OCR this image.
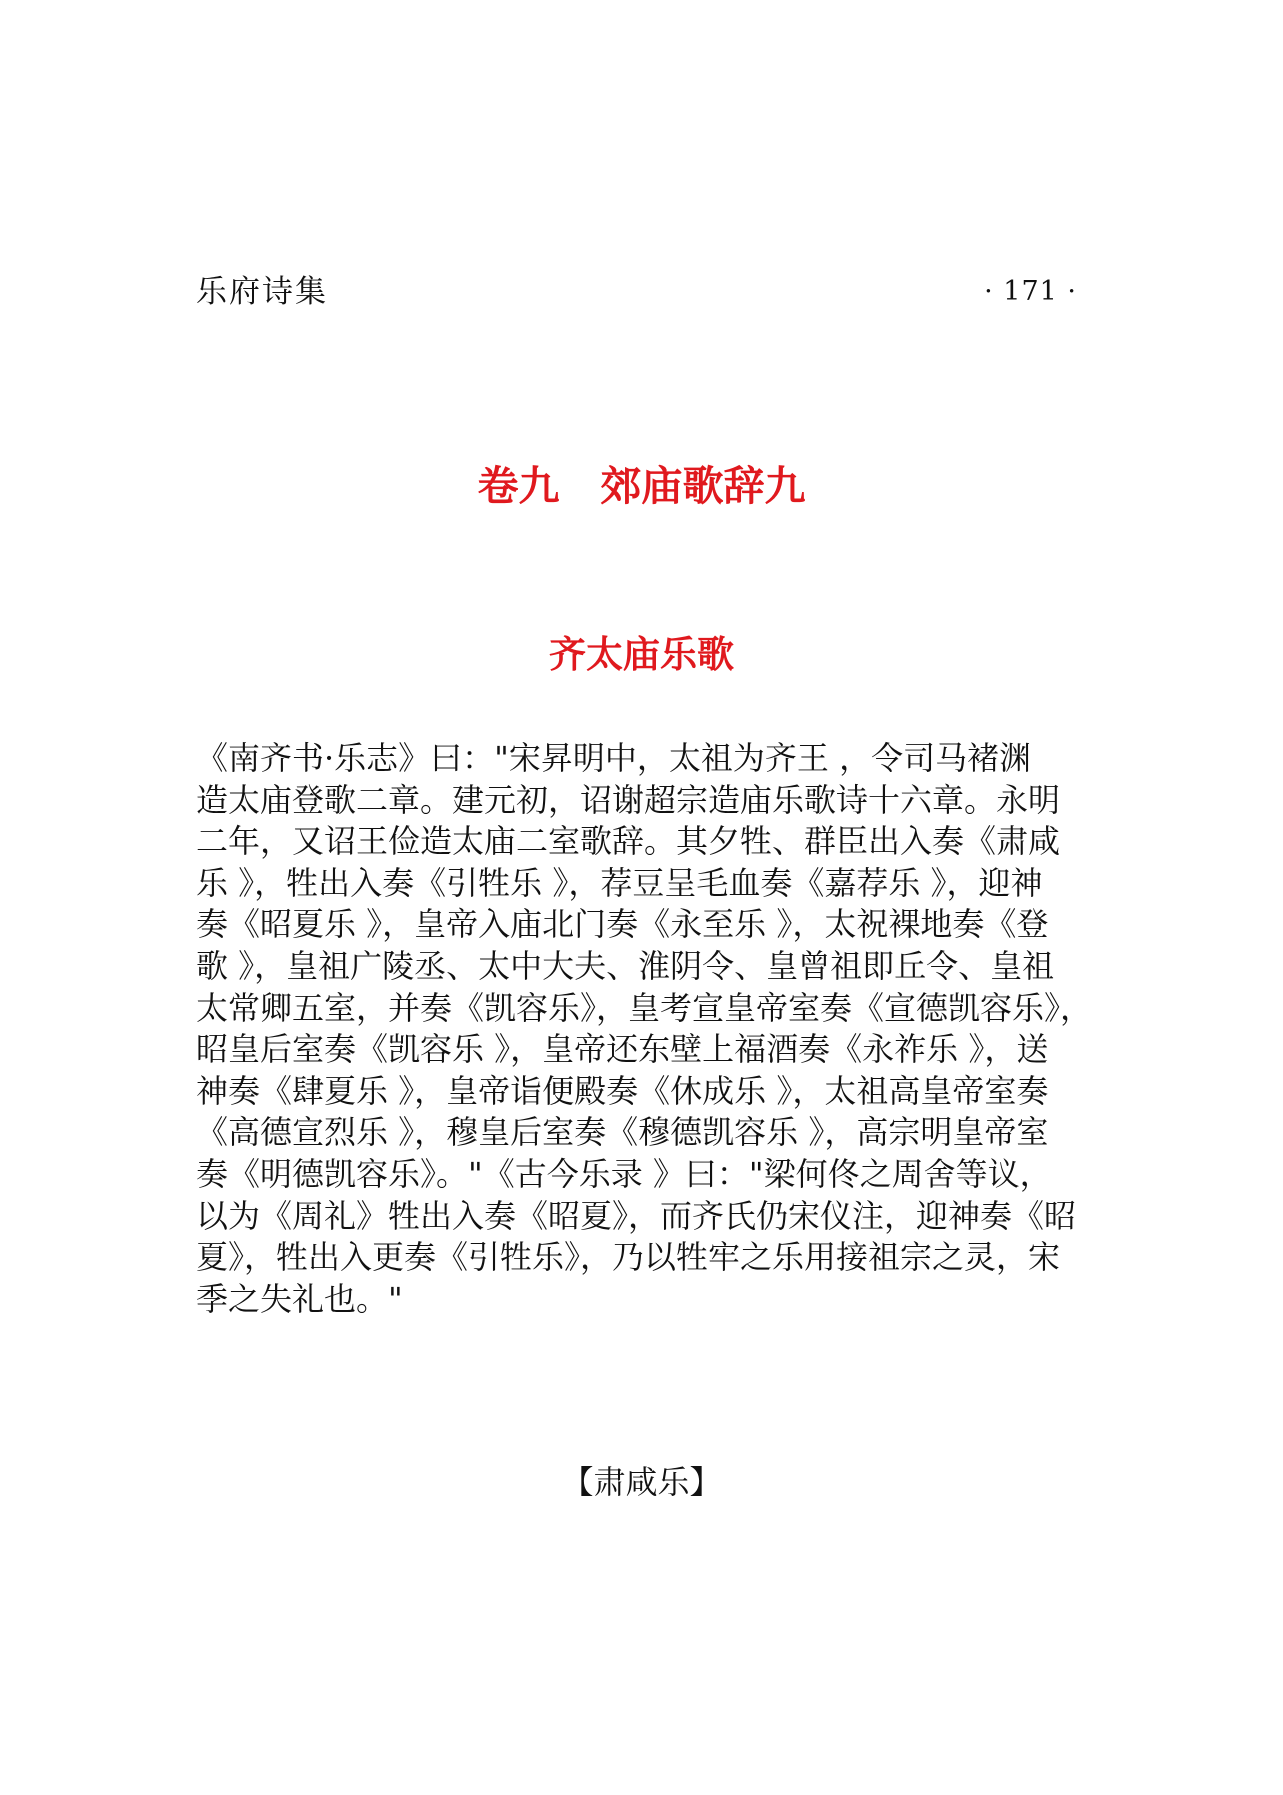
乐府诗集	· 171 ·
卷九　郊庙歌辞九
齐太庙乐歌
《南齐书·乐志》曰："宋昇明中，太祖为齐王 ，令司马褚渊
造太庙登歌二章。建元初，诏谢超宗造庙乐歌诗十六章。永明
二年，又诏王俭造太庙二室歌辞。其夕牲、群臣出入奏《肃咸
乐 》，牲出入奏《引牲乐 》，荐豆呈毛血奏《嘉荐乐 》，迎神
奏《昭夏乐 》，皇帝入庙北门奏《永至乐 》，太祝裸地奏《登
歌 》，皇祖广陵丞、太中大夫、淮阴令、皇曾祖即丘令、皇祖
太常卿五室，并奏《凯容乐》，皇考宣皇帝室奏《宣德凯容乐》，
昭皇后室奏《凯容乐 》，皇帝还东壁上福酒奏《永祚乐 》，送
神奏《肆夏乐 》，皇帝诣便殿奏《休成乐 》，太祖高皇帝室奏
《高德宣烈乐 》，穆皇后室奏《穆德凯容乐 》，高宗明皇帝室
奏《明德凯容乐》。"《古今乐录 》曰："梁何佟之周舍等议，
以为《周礼》牲出入奏《昭夏》，而齐氏仍宋仪注，迎神奏《昭
夏》，牲出入更奏《引牲乐》，乃以牲牢之乐用接祖宗之灵，宋
季之失礼也。"
【肃咸乐】
